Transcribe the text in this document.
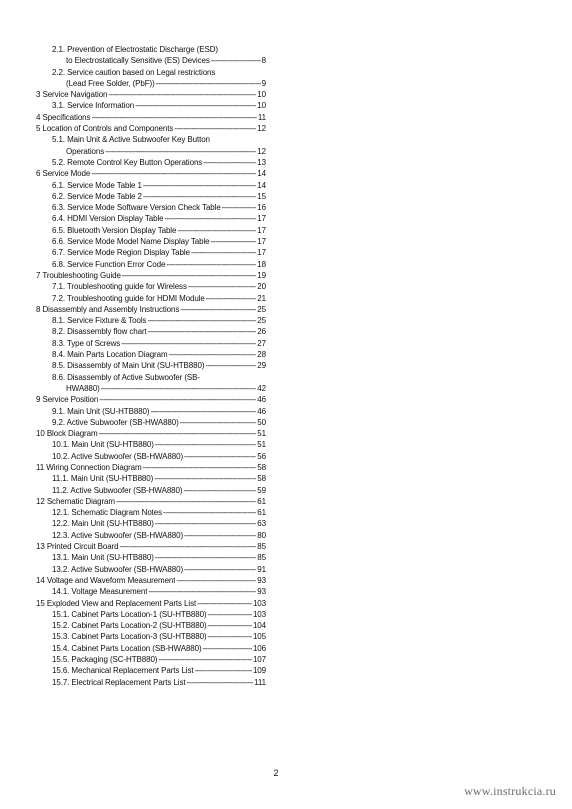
2.1. Prevention of Electrostatic Discharge (ESD)
to Electrostatically Sensitive (ES) Devices -----	8
2.2. Service caution based on Legal restrictions
(Lead Free Solder, (PbF)) -----	9
3 Service Navigation -----	10
3.1. Service Information -----	10
4 Specifications -----	11
5 Location of Controls and Components -----	12
5.1. Main Unit & Active Subwoofer Key Button
Operations -----	12
5.2. Remote Control Key Button Operations -----	13
6 Service Mode -----	14
6.1. Service Mode Table 1 -----	14
6.2. Service Mode Table 2 -----	15
6.3. Service Mode Software Version Check Table -----	16
6.4. HDMI Version Display Table -----	17
6.5. Bluetooth Version Display Table -----	17
6.6. Service Mode Model Name Display Table -----	17
6.7. Service Mode Region Display Table -----	17
6.8. Service Function Error Code -----	18
7 Troubleshooting Guide -----	19
7.1. Troubleshooting guide for Wireless -----	20
7.2. Troubleshooting guide for HDMI Module -----	21
8 Disassembly and Assembly Instructions -----	25
8.1. Service Fixture & Tools -----	25
8.2. Disassembly flow chart -----	26
8.3. Type of Screws -----	27
8.4. Main Parts Location Diagram -----	28
8.5. Disassembly of Main Unit (SU-HTB880) -----	29
8.6. Disassembly of Active Subwoofer (SB-
HWA880) -----	42
9 Service Position -----	46
9.1. Main Unit (SU-HTB880) -----	46
9.2. Active Subwoofer (SB-HWA880) -----	50
10 Block Diagram -----	51
10.1. Main Unit (SU-HTB880) -----	51
10.2. Active Subwoofer (SB-HWA880) -----	56
11 Wiring Connection Diagram -----	58
11.1. Main Unit (SU-HTB880) -----	58
11.2. Active Subwoofer (SB-HWA880) -----	59
12 Schematic Diagram -----	61
12.1. Schematic Diagram Notes -----	61
12.2. Main Unit (SU-HTB880) -----	63
12.3. Active Subwoofer (SB-HWA880) -----	80
13 Printed Circuit Board -----	85
13.1. Main Unit (SU-HTB880) -----	85
13.2. Active Subwoofer (SB-HWA880) -----	91
14 Voltage and Waveform Measurement -----	93
14.1. Voltage Measurement -----	93
15 Exploded View and Replacement Parts List -----	103
15.1. Cabinet Parts Location-1 (SU-HTB880) -----	103
15.2. Cabinet Parts Location-2 (SU-HTB880) -----	104
15.3. Cabinet Parts Location-3 (SU-HTB880) -----	105
15.4. Cabinet Parts Location (SB-HWA880) -----	106
15.5. Packaging (SC-HTB880) -----	107
15.6. Mechanical Replacement Parts List -----	109
15.7. Electrical Replacement Parts List -----	111
2
www.instrukcia.ru
